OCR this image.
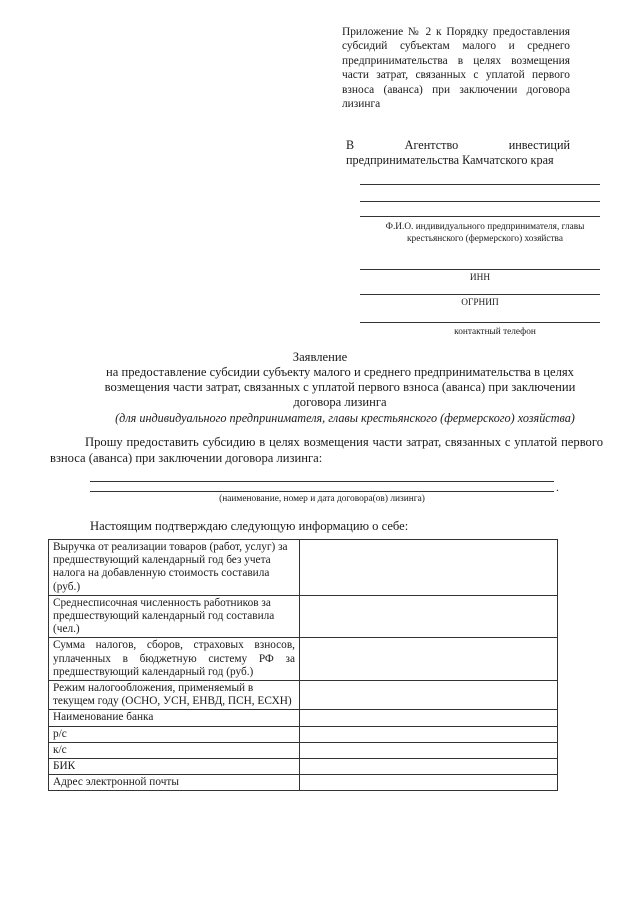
Приложение № 2 к Порядку предоставления субсидий субъектам малого и среднего предпринимательства в целях возмещения части затрат, связанных с уплатой первого взноса (аванса) при заключении договора лизинга
В	Агентство	инвестиций
предпринимательства Камчатского края
Ф.И.О. индивидуального предпринимателя, главы крестьянского (фермерского) хозяйства
ИНН
ОГРНИП
контактный телефон
Заявление
на предоставление субсидии субъекту малого и среднего предпринимательства в целях возмещения части затрат, связанных с уплатой первого взноса (аванса) при заключении договора лизинга
(для индивидуального предпринимателя, главы крестьянского (фермерского) хозяйства)
Прошу предоставить субсидию в целях возмещения части затрат, связанных с уплатой первого взноса (аванса) при заключении договора лизинга:
.
(наименование, номер и дата договора(ов) лизинга)
Настоящим подтверждаю следующую информацию о себе:
Выручка от реализации товаров (работ, услуг) за предшествующий календарный год без учета налога на добавленную стоимость составила (руб.)	
Среднесписочная численность работников за предшествующий календарный год составила (чел.)	
Сумма налогов, сборов, страховых взносов, уплаченных в бюджетную систему РФ за предшествующий календарный год (руб.)	
Режим налогообложения, применяемый в текущем году (ОСНО, УСН, ЕНВД, ПСН, ЕСХН)	
Наименование банка	
р/с	
к/с	
БИК	
Адрес электронной почты	
